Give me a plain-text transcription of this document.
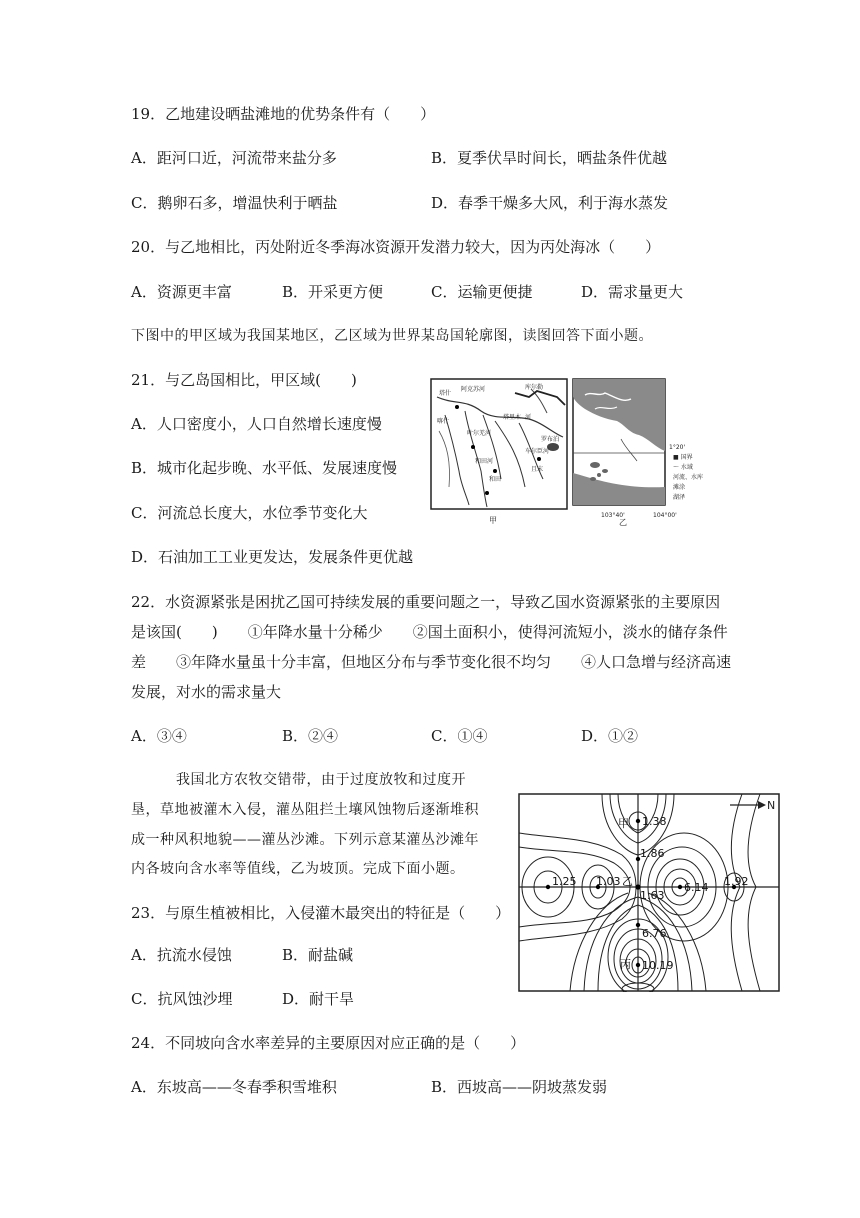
19．乙地建设晒盐滩地的优势条件有（　　）
A．距河口近，河流带来盐分多	B．夏季伏旱时间长，晒盐条件优越
C．鹅卵石多，增温快利于晒盐	D．春季干燥多大风，利于海水蒸发
20．与乙地相比，丙处附近冬季海冰资源开发潜力较大，因为丙处海冰（　　）
A．资源更丰富	B．开采更方便	C．运输更便捷	D．需求量更大
下图中的甲区域为我国某地区，乙区域为世界某岛国轮廓图，读图回答下面小题。
21．与乙岛国相比，甲区域(　　)
A．人口密度小，人口自然增长速度慢
B．城市化起步晚、水平低、发展速度慢
C．河流总长度大，水位季节变化大
D．石油加工工业更发达，发展条件更优越
塔什
阿克苏河	库尔勒
塔里木 河
罗布泊
叶尔羌河
喀什
和田
和田河
车尔臣河
且末
甲
103°40'	104°00'
乙
1°20'
■ 国界
～ 水域
河流、水库
滩涂
湖泽
22．水资源紧张是困扰乙国可持续发展的重要问题之一，导致乙国水资源紧张的主要原因
是该国(　　)　　①年降水量十分稀少　　②国土面积小，使得河流短小，淡水的储存条件
差　　③年降水量虽十分丰富，但地区分布与季节变化很不均匀　　④人口急增与经济高速
发展，对水的需求量大
A．③④	B．②④	C．①④	D．①②
我国北方农牧交错带，由于过度放牧和过度开
垦，草地被灌木入侵，灌丛阻拦土壤风蚀物后逐渐堆积
成一种风积地貌——灌丛沙滩。下列示意某灌丛沙滩年
内各坡向含水率等值线，乙为坡顶。完成下面小题。
N
甲 1.38
1.86
1.25 1.03 乙
1.63
6.14 1.92
6.76
丙 10.19
23．与原生植被相比，入侵灌木最突出的特征是（　　）
A．抗流水侵蚀	B．耐盐碱
C．抗风蚀沙埋	D．耐干旱
24．不同坡向含水率差异的主要原因对应正确的是（　　）
A．东坡高——冬春季积雪堆积	B．西坡高——阴坡蒸发弱
